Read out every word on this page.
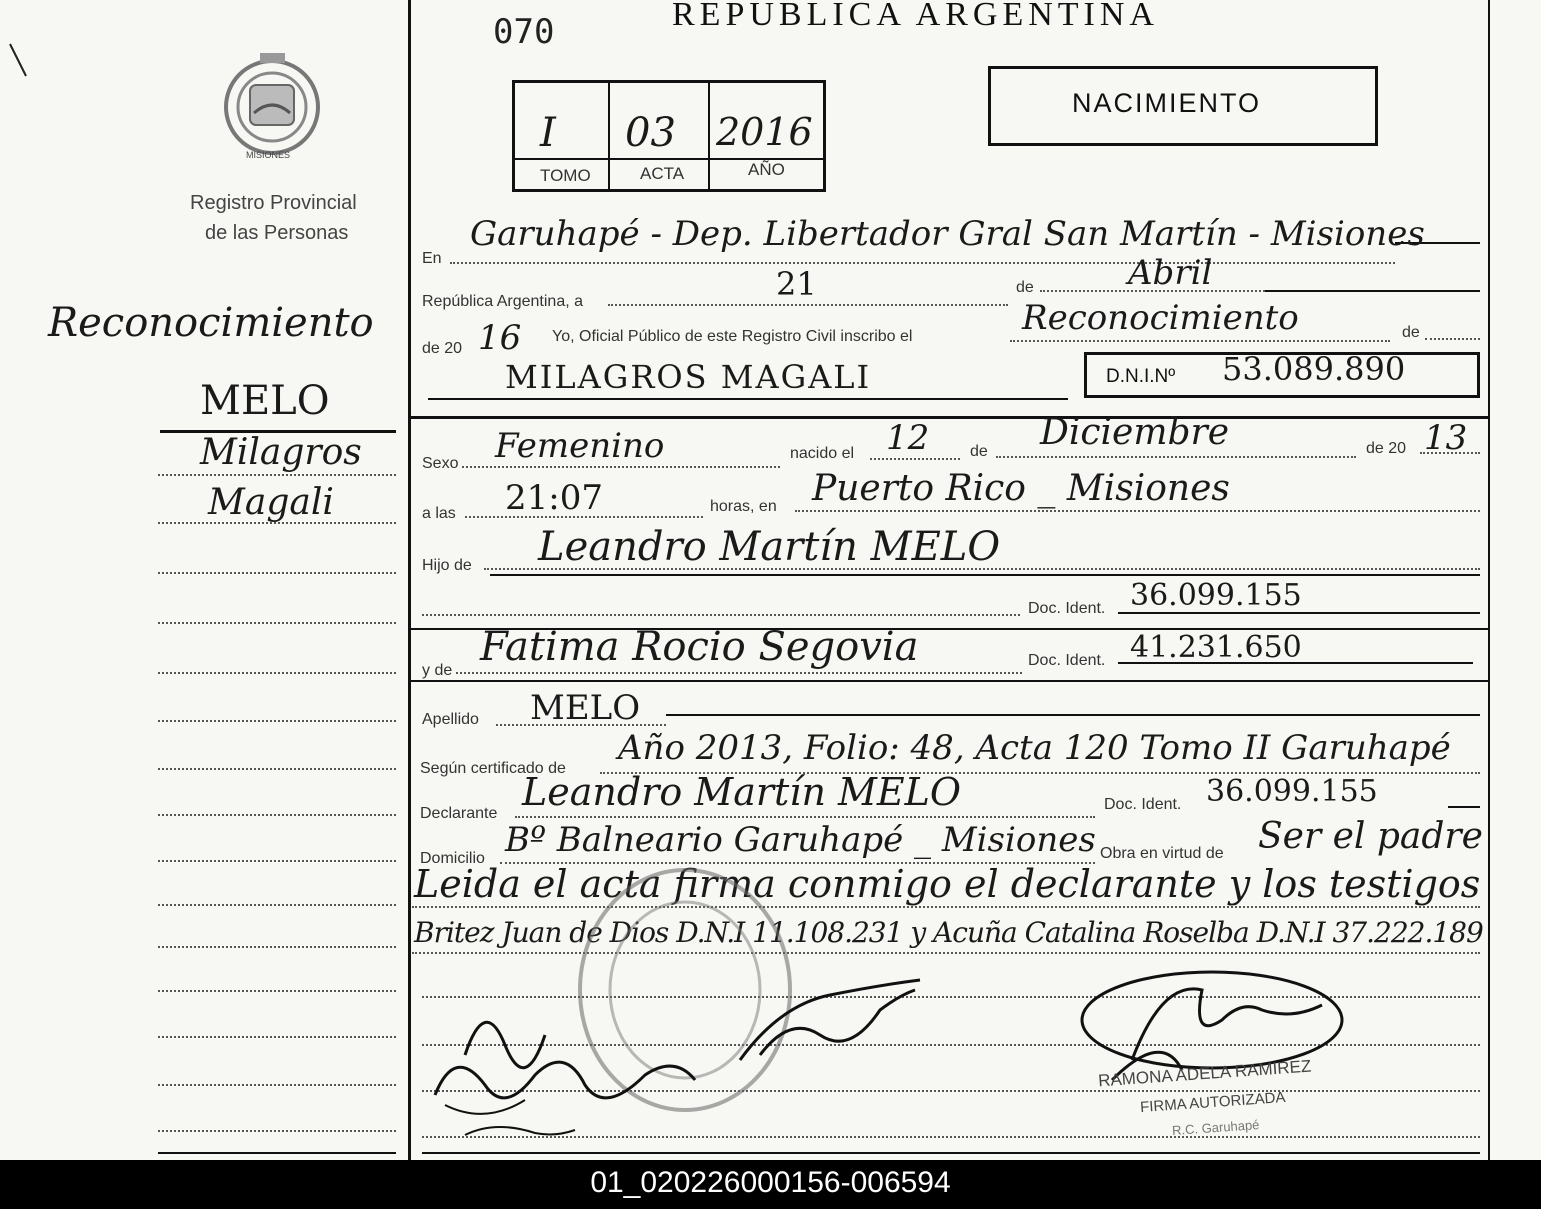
MISIONES
Registro Provincial
de las Personas
Reconocimiento
MELO
Milagros
Magali
070	REPUBLICA ARGENTINA
I 03 2016
TOMO	ACTA	AÑO
NACIMIENTO
En
Garuhapé - Dep. Libertador Gral San Martín - Misiones
República Argentina, a	21	de	Abril
de 20 16 Yo, Oficial Público de este Registro Civil inscribo el	Reconocimiento	de
MILAGROS MAGALI	D.N.I.Nº 53.089.890
Sexo Femenino	nacido el 12	de Diciembre	de 20 13
a las 21:07	horas, en Puerto Rico _ Misiones
Hijo de Leandro Martín MELO
Doc. Ident. 36.099.155
y de
Fatima Rocio Segovia	Doc. Ident. 41.231.650
Apellido MELO
Según certificado de
Año 2013, Folio: 48, Acta 120 Tomo II Garuhapé
Declarante Leandro Martín MELO	Doc. Ident. 36.099.155
Domicilio Bº Balneario Garuhapé _ Misiones Obra en virtud de Ser el padre
Leida el acta firma conmigo el declarante y los testigos
Britez Juan de Dios D.N.I 11.108.231 y Acuña Catalina Roselba D.N.I 37.222.189
RAMONA ADELA RAMIREZ
FIRMA AUTORIZADA
R.C. Garuhapé
01_020226000156-006594
